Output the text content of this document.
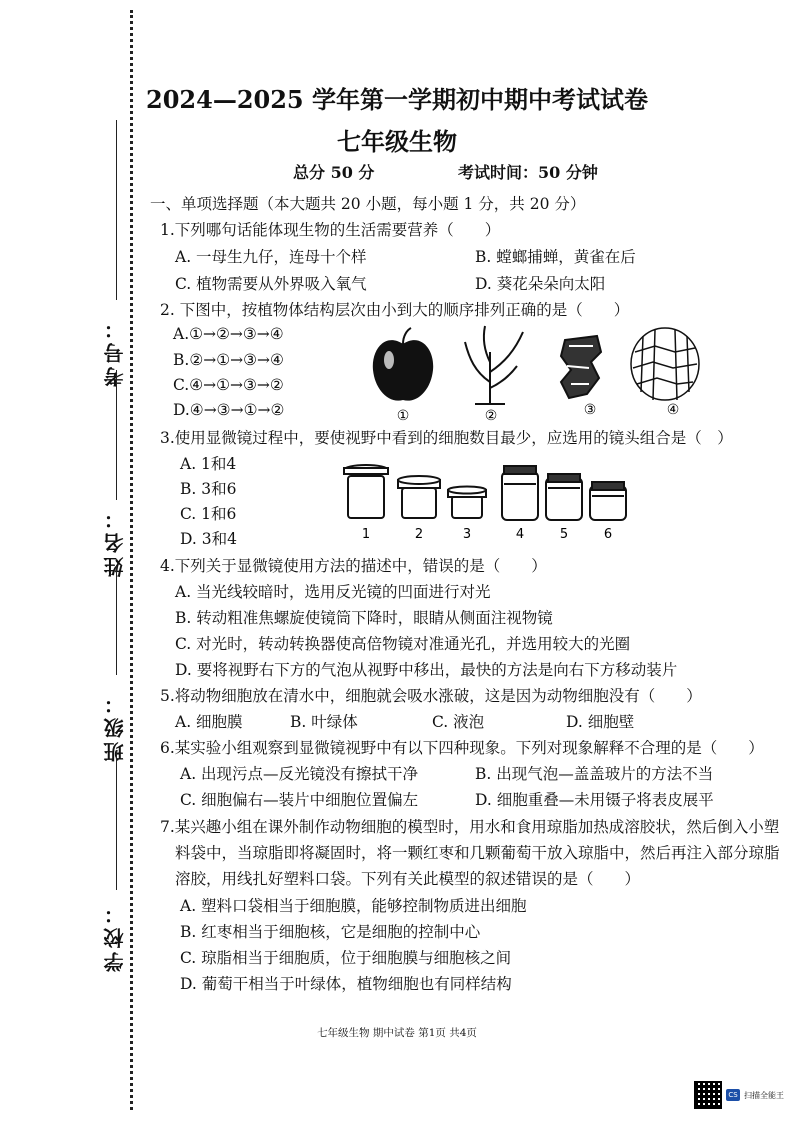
考号：
姓名：
班级：
学校：
2024—2025 学年第一学期初中期中考试试卷
七年级生物
总分 50 分	考试时间：50 分钟
一、单项选择题（本大题共 20 小题，每小题 1 分，共 20 分）
1.下列哪句话能体现生物的生活需要营养（　　）
A. 一母生九仔，连母十个样	B. 螳螂捕蝉，黄雀在后
C. 植物需要从外界吸入氧气	D. 葵花朵朵向太阳
2. 下图中，按植物体结构层次由小到大的顺序排列正确的是（　　）
A.①→②→③→④
B.②→①→③→④
C.④→①→③→②
D.④→③→①→②	①	②	③	④
3.使用显微镜过程中，要使视野中看到的细胞数目最少，应选用的镜头组合是（　）
A. 1和4
B. 3和6
C. 1和6
D. 3和4	1	2	3	4	5	6
4.下列关于显微镜使用方法的描述中，错误的是（　　）
A. 当光线较暗时，选用反光镜的凹面进行对光
B. 转动粗准焦螺旋使镜筒下降时，眼睛从侧面注视物镜
C. 对光时，转动转换器使高倍物镜对准通光孔，并选用较大的光圈
D. 要将视野右下方的气泡从视野中移出，最快的方法是向右下方移动装片
5.将动物细胞放在清水中，细胞就会吸水涨破，这是因为动物细胞没有（　　）
A. 细胞膜	B. 叶绿体	C. 液泡	D. 细胞壁
6.某实验小组观察到显微镜视野中有以下四种现象。下列对现象解释不合理的是（　　）
A. 出现污点—反光镜没有擦拭干净	B. 出现气泡—盖盖玻片的方法不当
C. 细胞偏右—装片中细胞位置偏左	D. 细胞重叠—未用镊子将表皮展平
7.某兴趣小组在课外制作动物细胞的模型时，用水和食用琼脂加热成溶胶状，然后倒入小塑
料袋中，当琼脂即将凝固时，将一颗红枣和几颗葡萄干放入琼脂中，然后再注入部分琼脂
溶胶，用线扎好塑料口袋。下列有关此模型的叙述错误的是（　　）
A. 塑料口袋相当于细胞膜，能够控制物质进出细胞
B. 红枣相当于细胞核，它是细胞的控制中心
C. 琼脂相当于细胞质，位于细胞膜与细胞核之间
D. 葡萄干相当于叶绿体，植物细胞也有同样结构
七年级生物 期中试卷 第1页 共4页
CS 扫描全能王
